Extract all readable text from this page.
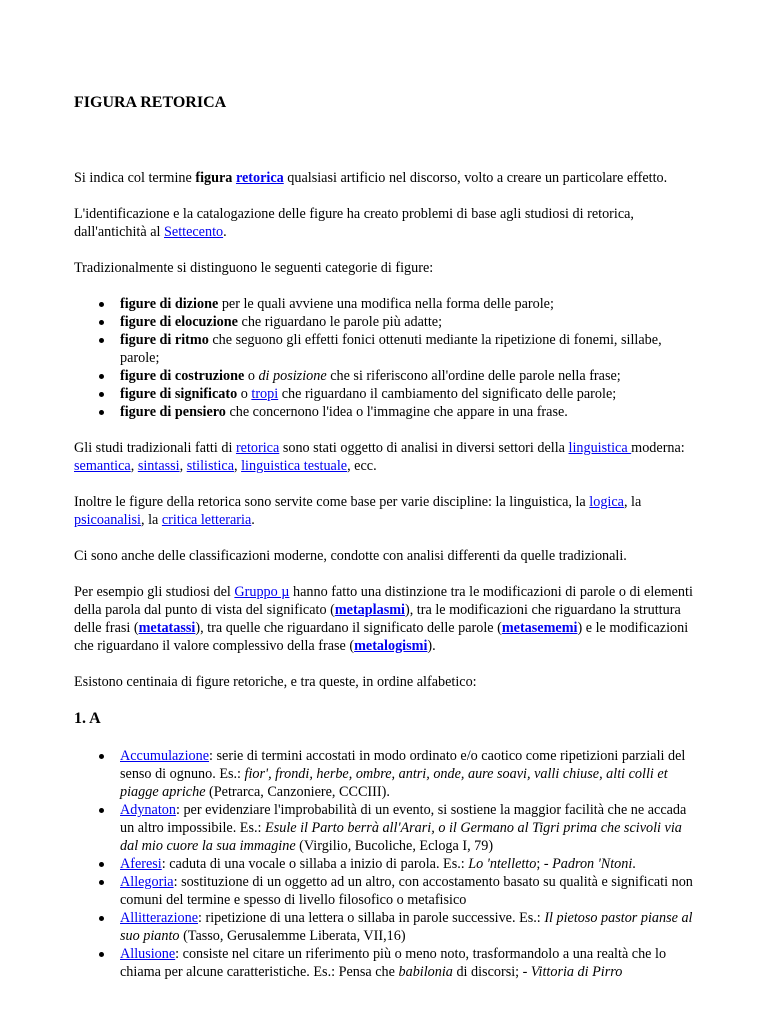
FIGURA RETORICA

Si indica col termine figura retorica qualsiasi artificio nel discorso, volto a creare un particolare effetto.

L'identificazione e la catalogazione delle figure ha creato problemi di base agli studiosi di retorica, dall'antichità al Settecento.

Tradizionalmente si distinguono le seguenti categorie di figure:

figure di dizione per le quali avviene una modifica nella forma delle parole;
figure di elocuzione che riguardano le parole più adatte;
figure di ritmo che seguono gli effetti fonici ottenuti mediante la ripetizione di fonemi, sillabe, parole;
figure di costruzione o di posizione che si riferiscono all'ordine delle parole nella frase;
figure di significato o tropi che riguardano il cambiamento del significato delle parole;
figure di pensiero che concernono l'idea o l'immagine che appare in una frase.

Gli studi tradizionali fatti di retorica sono stati oggetto di analisi in diversi settori della linguistica moderna: semantica, sintassi, stilistica, linguistica testuale, ecc.

Inoltre le figure della retorica sono servite come base per varie discipline: la linguistica, la logica, la psicoanalisi, la critica letteraria.

Ci sono anche delle classificazioni moderne, condotte con analisi differenti da quelle tradizionali.

Per esempio gli studiosi del Gruppo µ hanno fatto una distinzione tra le modificazioni di parole o di elementi della parola dal punto di vista del significato (metaplasmi), tra le modificazioni che riguardano la struttura delle frasi (metatassi), tra quelle che riguardano il significato delle parole (metasememi) e le modificazioni che riguardano il valore complessivo della frase (metalogismi).

Esistono centinaia di figure retoriche, e tra queste, in ordine alfabetico:

1. A
Accumulazione: serie di termini accostati in modo ordinato e/o caotico come ripetizioni parziali del senso di ognuno. Es.: fior', frondi, herbe, ombre, antri, onde, aure soavi, valli chiuse, alti colli et piagge apriche (Petrarca, Canzoniere, CCCIII).
Adynaton: per evidenziare l'improbabilità di un evento, si sostiene la maggior facilità che ne accada un altro impossibile. Es.: Esule il Parto berrà all'Arari, o il Germano al Tigri prima che scivoli via dal mio cuore la sua immagine (Virgilio, Bucoliche, Ecloga I, 79)
Aferesi: caduta di una vocale o sillaba a inizio di parola. Es.: Lo 'ntelletto; - Padron 'Ntoni.
Allegoria: sostituzione di un oggetto ad un altro, con accostamento basato su qualità e significati non comuni del termine e spesso di livello filosofico o metafisico
Allitterazione: ripetizione di una lettera o sillaba in parole successive. Es.: Il pietoso pastor pianse al suo pianto (Tasso, Gerusalemme Liberata, VII,16)
Allusione: consiste nel citare un riferimento più o meno noto, trasformandolo a una realtà che lo chiama per alcune caratteristiche. Es.: Pensa che babilonia di discorsi; - Vittoria di Pirro
